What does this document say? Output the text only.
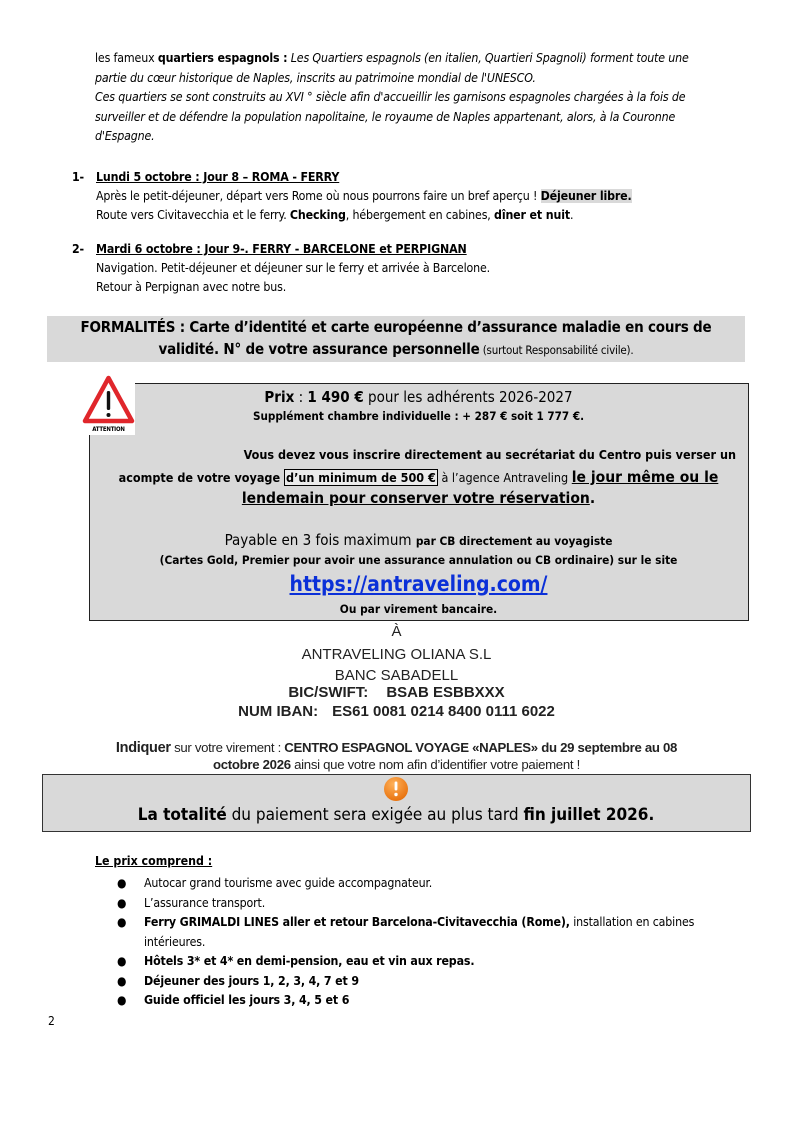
les fameux quartiers espagnols : Les Quartiers espagnols (en italien, Quartieri Spagnoli) forment toute une
partie du cœur historique de Naples, inscrits au patrimoine mondial de l'UNESCO.
Ces quartiers se sont construits au XVI ° siècle afin d'accueillir les garnisons espagnoles chargées à la fois de
surveiller et de défendre la population napolitaine, le royaume de Naples appartenant, alors, à la Couronne
d'Espagne.
1- Lundi 5 octobre : Jour 8 – ROMA - FERRY
Après le petit-déjeuner, départ vers Rome où nous pourrons faire un bref aperçu ! Déjeuner libre.
Route vers Civitavecchia et le ferry. Checking, hébergement en cabines, dîner et nuit.
2- Mardi 6 octobre : Jour 9-. FERRY - BARCELONE et PERPIGNAN
Navigation. Petit-déjeuner et déjeuner sur le ferry et arrivée à Barcelone.
Retour à Perpignan avec notre bus.
FORMALITÉS : Carte d’identité et carte européenne d’assurance maladie en cours de
validité. N° de votre assurance personnelle (surtout Responsabilité civile).
Prix : 1 490 € pour les adhérents 2026-2027
Supplément chambre individuelle : + 287 € soit 1 777 €.
Vous devez vous inscrire directement au secrétariat du Centro puis verser un
acompte de votre voyage d’un minimum de 500 € à l’agence Antraveling le jour même ou le
lendemain pour conserver votre réservation.
Payable en 3 fois maximum par CB directement au voyagiste
(Cartes Gold, Premier pour avoir une assurance annulation ou CB ordinaire) sur le site
https://antraveling.com/
Ou par virement bancaire.
ATTENTION
À
ANTRAVELING OLIANA S.L
BANC SABADELL
BIC/SWIFT: BSAB ESBBXXX
NUM IBAN: ES61 0081 0214 8400 0111 6022
Indiquer sur votre virement : CENTRO ESPAGNOL VOYAGE «NAPLES» du 29 septembre au 08
octobre 2026 ainsi que votre nom afin d’identifier votre paiement !
La totalité du paiement sera exigée au plus tard fin juillet 2026.
Le prix comprend :
● Autocar grand tourisme avec guide accompagnateur.
● L’assurance transport.
● Ferry GRIMALDI LINES aller et retour Barcelona-Civitavecchia (Rome), installation en cabines intérieures.
● Hôtels 3* et 4* en demi-pension, eau et vin aux repas.
● Déjeuner des jours 1, 2, 3, 4, 7 et 9
● Guide officiel les jours 3, 4, 5 et 6
2
